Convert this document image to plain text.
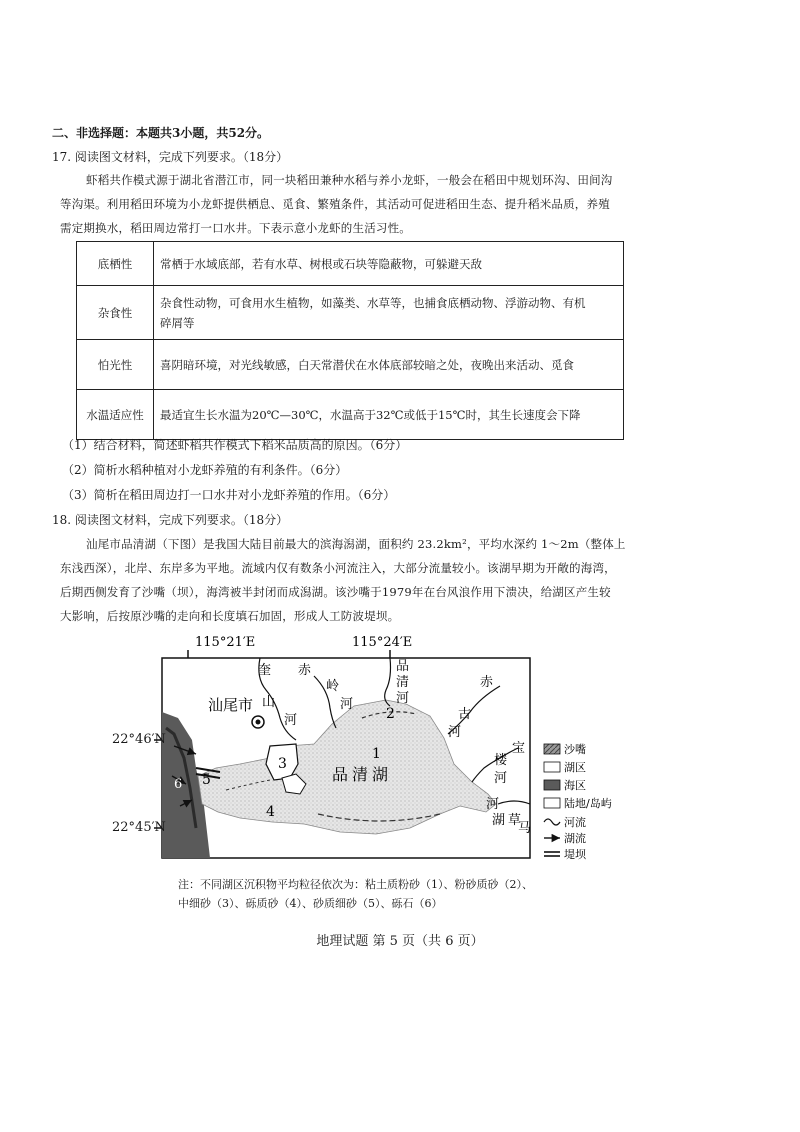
二、非选择题：本题共3小题，共52分。
17. 阅读图文材料，完成下列要求。（18分）
虾稻共作模式源于湖北省潜江市，同一块稻田兼种水稻与养小龙虾，一般会在稻田中规划环沟、田间沟
等沟渠。利用稻田环境为小龙虾提供栖息、觅食、繁殖条件，其活动可促进稻田生态、提升稻米品质，养殖
需定期换水，稻田周边常打一口水井。下表示意小龙虾的生活习性。
底栖性	常栖于水域底部，若有水草、树根或石块等隐蔽物，可躲避天敌
杂食性	杂食性动物，可食用水生植物，如藻类、水草等，也捕食底栖动物、浮游动物、有机
碎屑等

怕光性	喜阴暗环境，对光线敏感，白天常潜伏在水体底部较暗之处，夜晚出来活动、觅食
水温适应性	最适宜生长水温为20℃—30℃，水温高于32℃或低于15℃时，其生长速度会下降
（1）结合材料，简述虾稻共作模式下稻米品质高的原因。（6分）
（2）简析水稻种植对小龙虾养殖的有利条件。（6分）
（3）简析在稻田周边打一口水井对小龙虾养殖的作用。（6分）
18. 阅读图文材料，完成下列要求。（18分）
汕尾市品清湖（下图）是我国大陆目前最大的滨海潟湖，面积约 23.2km²，平均水深约 1～2m（整体上
东浅西深），北岸、东岸多为平地。流域内仅有数条小河流注入，大部分流量较小。该湖早期为开敞的海湾，
后期西侧发育了沙嘴（坝），海湾被半封闭而成潟湖。该沙嘴于1979年在台风浪作用下溃决，给湖区产生较
大影响，后按原沙嘴的走向和长度填石加固，形成人工防波堤坝。
115°21′E	115°24′E
汕尾市
品清湖
1
2
3
4
5
6
奎
山
河
赤
岭
河
品
清
河
赤
古
河
宝
楼
河
河
湖 草
马
沙嘴
湖区
海区
陆地/岛屿
河流
湖流
堤坝
22°46′N
22°45′N
注：不同湖区沉积物平均粒径依次为：粘土质粉砂（1）、粉砂质砂（2）、
中细砂（3）、砾质砂（4）、砂质细砂（5）、砾石（6）
地理试题 第 5 页（共 6 页）
